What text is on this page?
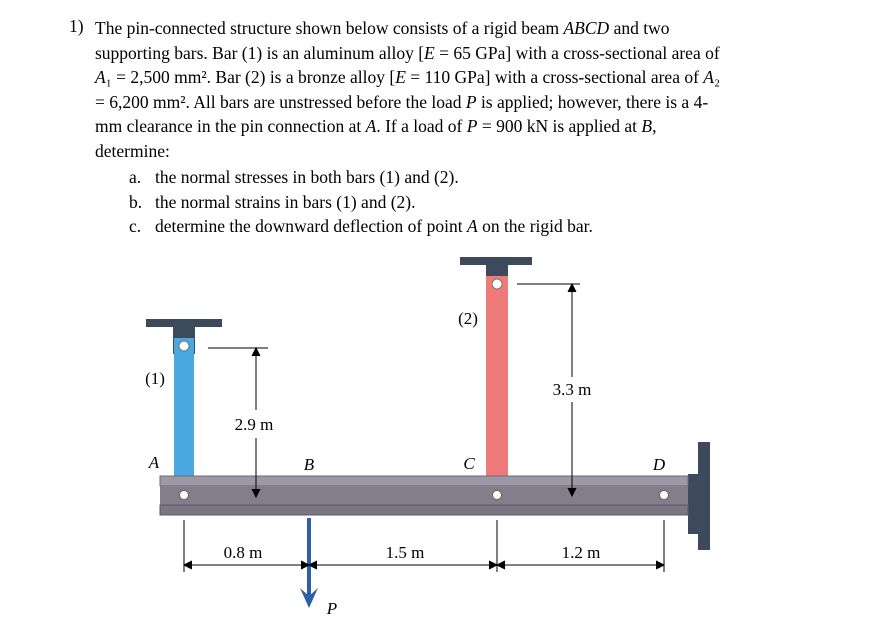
1) The pin-connected structure shown below consists of a rigid beam ABCD and two
supporting bars. Bar (1) is an aluminum alloy [E = 65 GPa] with a cross-sectional area of
A₁ = 2,500 mm². Bar (2) is a bronze alloy [E = 110 GPa] with a cross-sectional area of A₂
= 6,200 mm². All bars are unstressed before the load P is applied; however, there is a 4-
mm clearance in the pin connection at A. If a load of P = 900 kN is applied at B,
determine:
a. the normal stresses in both bars (1) and (2).
b. the normal strains in bars (1) and (2).
c. determine the downward deflection of point A on the rigid bar.
2.9 m
3.3 m
(1)
(2)
A	B	C	D
P
0.8 m	1.5 m	1.2 m
